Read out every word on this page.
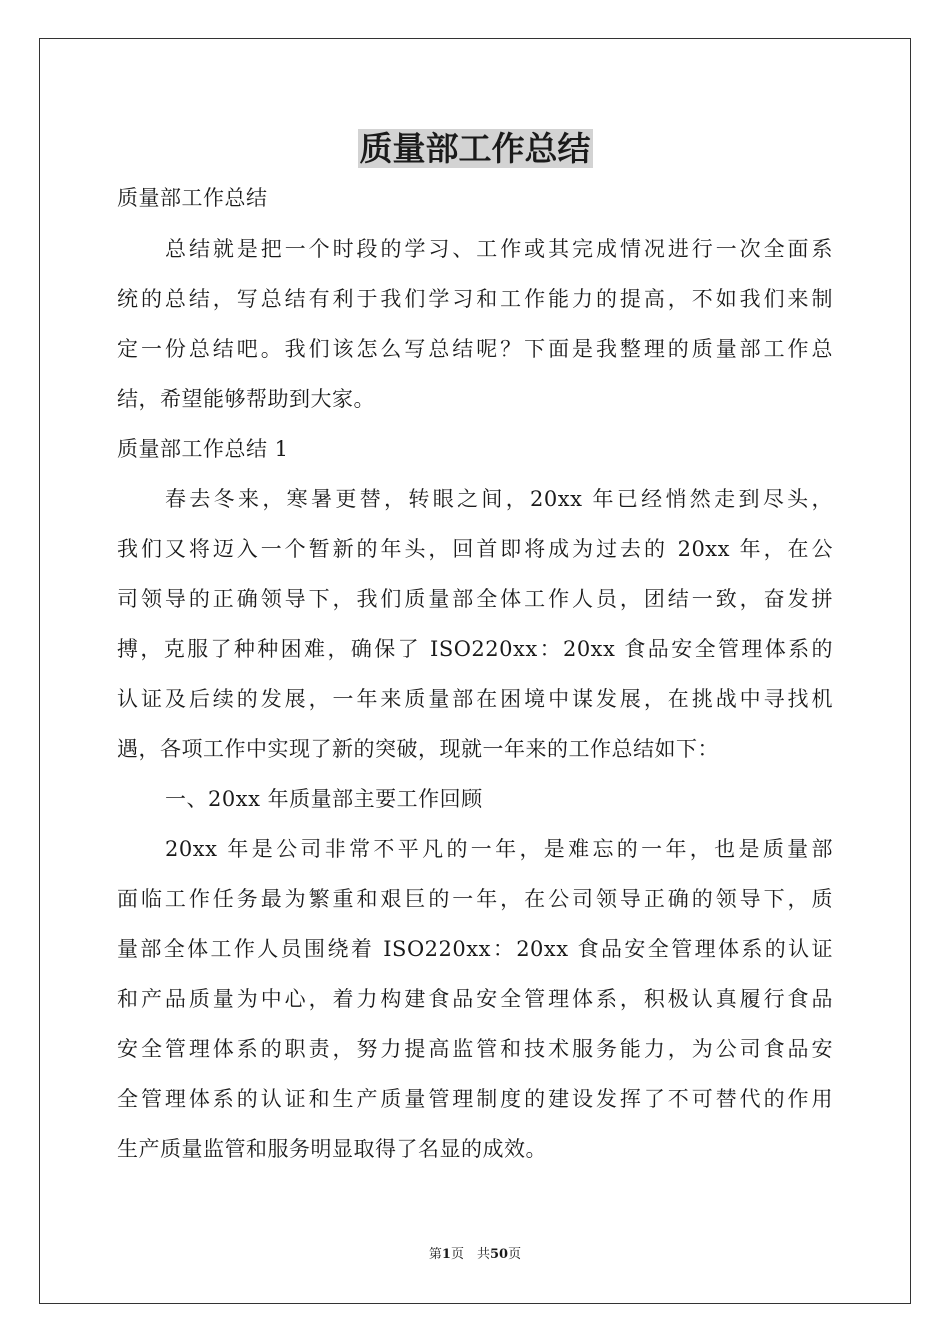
质量部工作总结
质量部工作总结
总结就是把一个时段的学习、工作或其完成情况进行一次全面系
统的总结，写总结有利于我们学习和工作能力的提高，不如我们来制
定一份总结吧。我们该怎么写总结呢？下面是我整理的质量部工作总
结，希望能够帮助到大家。
质量部工作总结 1
春去冬来，寒暑更替，转眼之间，20xx 年已经悄然走到尽头，
我们又将迈入一个暂新的年头，回首即将成为过去的 20xx 年，在公
司领导的正确领导下，我们质量部全体工作人员，团结一致，奋发拼
搏，克服了种种困难，确保了 ISO220xx：20xx 食品安全管理体系的
认证及后续的发展，一年来质量部在困境中谋发展，在挑战中寻找机
遇，各项工作中实现了新的突破，现就一年来的工作总结如下：
一、20xx 年质量部主要工作回顾
20xx 年是公司非常不平凡的一年，是难忘的一年，也是质量部
面临工作任务最为繁重和艰巨的一年，在公司领导正确的领导下，质
量部全体工作人员围绕着 ISO220xx：20xx 食品安全管理体系的认证
和产品质量为中心，着力构建食品安全管理体系，积极认真履行食品
安全管理体系的职责，努力提高监管和技术服务能力，为公司食品安
全管理体系的认证和生产质量管理制度的建设发挥了不可替代的作用
生产质量监管和服务明显取得了名显的成效。
第1页　共50页
